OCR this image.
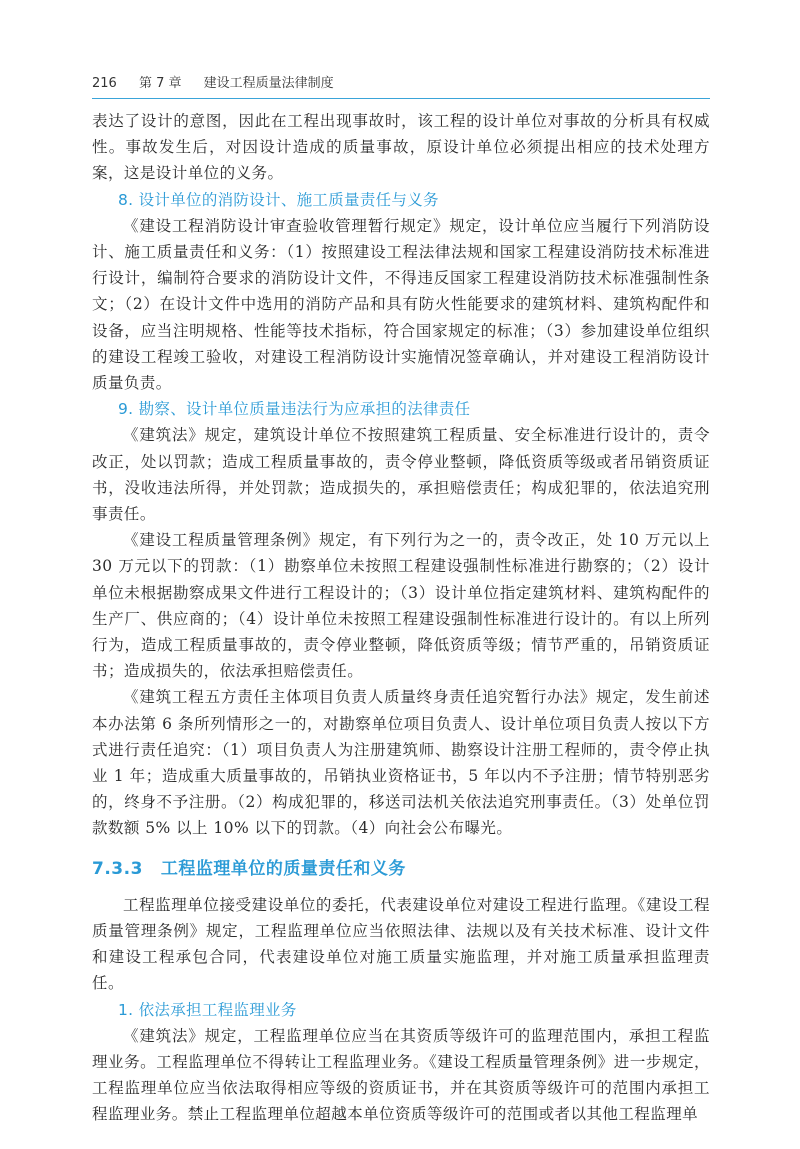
216 第 7 章 建设工程质量法律制度

表达了设计的意图，因此在工程出现事故时，该工程的设计单位对事故的分析具有权威性。事故发生后，对因设计造成的质量事故，原设计单位必须提出相应的技术处理方案，这是设计单位的义务。

8. 设计单位的消防设计、施工质量责任与义务

《建设工程消防设计审查验收管理暂行规定》规定，设计单位应当履行下列消防设计、施工质量责任和义务：（1）按照建设工程法律法规和国家工程建设消防技术标准进行设计，编制符合要求的消防设计文件，不得违反国家工程建设消防技术标准强制性条文；（2）在设计文件中选用的消防产品和具有防火性能要求的建筑材料、建筑构配件和设备，应当注明规格、性能等技术指标，符合国家规定的标准；（3）参加建设单位组织的建设工程竣工验收，对建设工程消防设计实施情况签章确认，并对建设工程消防设计质量负责。

9. 勘察、设计单位质量违法行为应承担的法律责任

《建筑法》规定，建筑设计单位不按照建筑工程质量、安全标准进行设计的，责令改正，处以罚款；造成工程质量事故的，责令停业整顿，降低资质等级或者吊销资质证书，没收违法所得，并处罚款；造成损失的，承担赔偿责任；构成犯罪的，依法追究刑事责任。

《建设工程质量管理条例》规定，有下列行为之一的，责令改正，处 10 万元以上 30 万元以下的罚款：（1）勘察单位未按照工程建设强制性标准进行勘察的；（2）设计单位未根据勘察成果文件进行工程设计的；（3）设计单位指定建筑材料、建筑构配件的生产厂、供应商的；（4）设计单位未按照工程建设强制性标准进行设计的。有以上所列行为，造成工程质量事故的，责令停业整顿，降低资质等级；情节严重的，吊销资质证书；造成损失的，依法承担赔偿责任。

《建筑工程五方责任主体项目负责人质量终身责任追究暂行办法》规定，发生前述本办法第 6 条所列情形之一的，对勘察单位项目负责人、设计单位项目负责人按以下方式进行责任追究：（1）项目负责人为注册建筑师、勘察设计注册工程师的，责令停止执业 1 年；造成重大质量事故的，吊销执业资格证书，5 年以内不予注册；情节特别恶劣的，终身不予注册。（2）构成犯罪的，移送司法机关依法追究刑事责任。（3）处单位罚款数额 5% 以上 10% 以下的罚款。（4）向社会公布曝光。

7.3.3 工程监理单位的质量责任和义务

工程监理单位接受建设单位的委托，代表建设单位对建设工程进行监理。《建设工程质量管理条例》规定，工程监理单位应当依照法律、法规以及有关技术标准、设计文件和建设工程承包合同，代表建设单位对施工质量实施监理，并对施工质量承担监理责任。

1. 依法承担工程监理业务

《建筑法》规定，工程监理单位应当在其资质等级许可的监理范围内，承担工程监理业务。工程监理单位不得转让工程监理业务。《建设工程质量管理条例》进一步规定，工程监理单位应当依法取得相应等级的资质证书，并在其资质等级许可的范围内承担工程监理业务。禁止工程监理单位超越本单位资质等级许可的范围或者以其他工程监理单
